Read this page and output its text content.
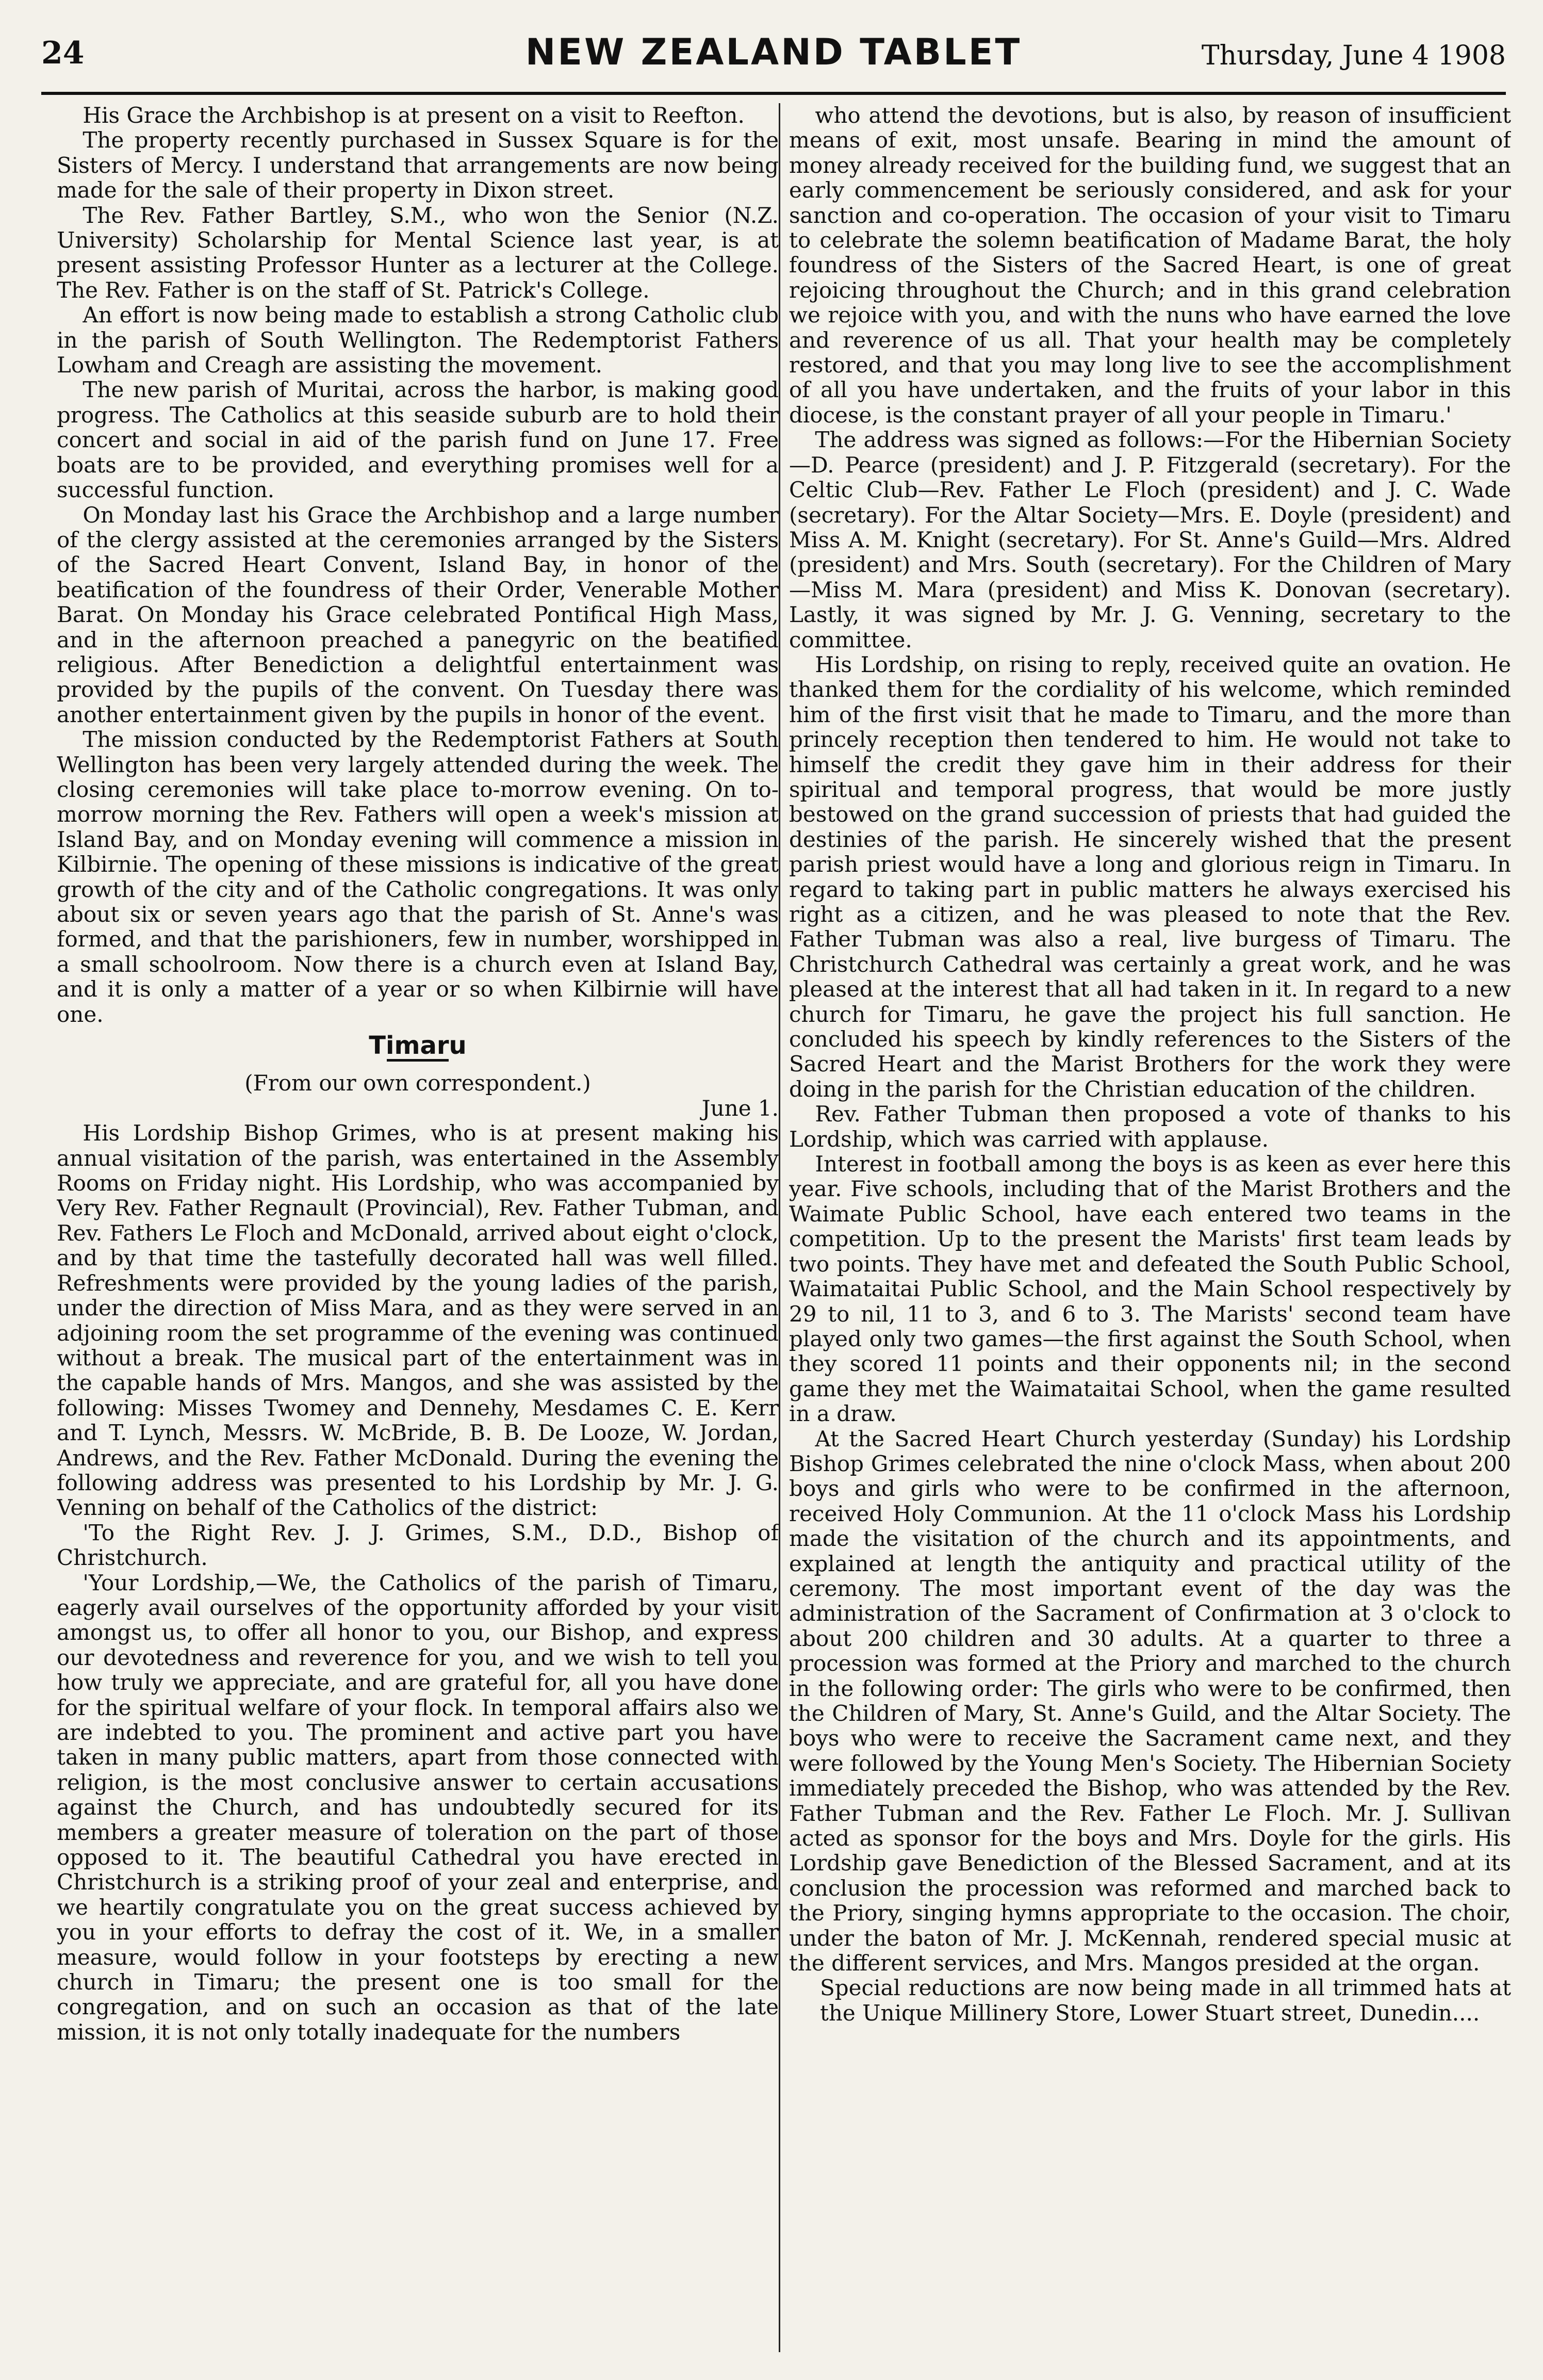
24	NEW ZEALAND TABLET	Thursday, June 4 1908

His Grace the Archbishop is at present on a visit to Reefton.

The property recently purchased in Sussex Square is for the Sisters of Mercy. I understand that arrangements are now being made for the sale of their property in Dixon street.

The Rev. Father Bartley, S.M., who won the Senior (N.Z. University) Scholarship for Mental Science last year, is at present assisting Professor Hunter as a lecturer at the College. The Rev. Father is on the staff of St. Patrick's College.

An effort is now being made to establish a strong Catholic club in the parish of South Wellington. The Redemptorist Fathers Lowham and Creagh are assisting the movement.

The new parish of Muritai, across the harbor, is making good progress. The Catholics at this seaside suburb are to hold their concert and social in aid of the parish fund on June 17. Free boats are to be provided, and everything promises well for a successful function.

On Monday last his Grace the Archbishop and a large number of the clergy assisted at the ceremonies arranged by the Sisters of the Sacred Heart Convent, Island Bay, in honor of the beatification of the foundress of their Order, Venerable Mother Barat. On Monday his Grace celebrated Pontifical High Mass, and in the afternoon preached a panegyric on the beatified religious. After Benediction a delightful entertainment was provided by the pupils of the convent. On Tuesday there was another entertainment given by the pupils in honor of the event.

The mission conducted by the Redemptorist Fathers at South Wellington has been very largely attended during the week. The closing ceremonies will take place to-morrow evening. On to-morrow morning the Rev. Fathers will open a week's mission at Island Bay, and on Monday evening will commence a mission in Kilbirnie. The opening of these missions is indicative of the great growth of the city and of the Catholic congregations. It was only about six or seven years ago that the parish of St. Anne's was formed, and that the parishioners, few in number, worshipped in a small schoolroom. Now there is a church even at Island Bay, and it is only a matter of a year or so when Kilbirnie will have one.

Timaru

(From our own correspondent.)

June 1.

His Lordship Bishop Grimes, who is at present making his annual visitation of the parish, was entertained in the Assembly Rooms on Friday night. His Lordship, who was accompanied by Very Rev. Father Regnault (Provincial), Rev. Father Tubman, and Rev. Fathers Le Floch and McDonald, arrived about eight o'clock, and by that time the tastefully decorated hall was well filled. Refreshments were provided by the young ladies of the parish, under the direction of Miss Mara, and as they were served in an adjoining room the set programme of the evening was continued without a break. The musical part of the entertainment was in the capable hands of Mrs. Mangos, and she was assisted by the following: Misses Twomey and Dennehy, Mesdames C. E. Kerr and T. Lynch, Messrs. W. McBride, B. B. De Looze, W. Jordan, Andrews, and the Rev. Father McDonald. During the evening the following address was presented to his Lordship by Mr. J. G. Venning on behalf of the Catholics of the district:

'To the Right Rev. J. J. Grimes, S.M., D.D., Bishop of Christchurch.

'Your Lordship,—We, the Catholics of the parish of Timaru, eagerly avail ourselves of the opportunity afforded by your visit amongst us, to offer all honor to you, our Bishop, and express our devotedness and reverence for you, and we wish to tell you how truly we appreciate, and are grateful for, all you have done for the spiritual welfare of your flock. In temporal affairs also we are indebted to you. The prominent and active part you have taken in many public matters, apart from those connected with religion, is the most conclusive answer to certain accusations against the Church, and has undoubtedly secured for its members a greater measure of toleration on the part of those opposed to it. The beautiful Cathedral you have erected in Christchurch is a striking proof of your zeal and enterprise, and we heartily congratulate you on the great success achieved by you in your efforts to defray the cost of it. We, in a smaller measure, would follow in your footsteps by erecting a new church in Timaru; the present one is too small for the congregation, and on such an occasion as that of the late mission, it is not only totally inadequate for the numbers

who attend the devotions, but is also, by reason of insufficient means of exit, most unsafe. Bearing in mind the amount of money already received for the building fund, we suggest that an early commencement be seriously considered, and ask for your sanction and co-operation. The occasion of your visit to Timaru to celebrate the solemn beatification of Madame Barat, the holy foundress of the Sisters of the Sacred Heart, is one of great rejoicing throughout the Church; and in this grand celebration we rejoice with you, and with the nuns who have earned the love and reverence of us all. That your health may be completely restored, and that you may long live to see the accomplishment of all you have undertaken, and the fruits of your labor in this diocese, is the constant prayer of all your people in Timaru.'

The address was signed as follows:—For the Hibernian Society—D. Pearce (president) and J. P. Fitzgerald (secretary). For the Celtic Club—Rev. Father Le Floch (president) and J. C. Wade (secretary). For the Altar Society—Mrs. E. Doyle (president) and Miss A. M. Knight (secretary). For St. Anne's Guild—Mrs. Aldred (president) and Mrs. South (secretary). For the Children of Mary—Miss M. Mara (president) and Miss K. Donovan (secretary). Lastly, it was signed by Mr. J. G. Venning, secretary to the committee.

His Lordship, on rising to reply, received quite an ovation. He thanked them for the cordiality of his welcome, which reminded him of the first visit that he made to Timaru, and the more than princely reception then tendered to him. He would not take to himself the credit they gave him in their address for their spiritual and temporal progress, that would be more justly bestowed on the grand succession of priests that had guided the destinies of the parish. He sincerely wished that the present parish priest would have a long and glorious reign in Timaru. In regard to taking part in public matters he always exercised his right as a citizen, and he was pleased to note that the Rev. Father Tubman was also a real, live burgess of Timaru. The Christchurch Cathedral was certainly a great work, and he was pleased at the interest that all had taken in it. In regard to a new church for Timaru, he gave the project his full sanction. He concluded his speech by kindly references to the Sisters of the Sacred Heart and the Marist Brothers for the work they were doing in the parish for the Christian education of the children.

Rev. Father Tubman then proposed a vote of thanks to his Lordship, which was carried with applause.

Interest in football among the boys is as keen as ever here this year. Five schools, including that of the Marist Brothers and the Waimate Public School, have each entered two teams in the competition. Up to the present the Marists' first team leads by two points. They have met and defeated the South Public School, Waimataitai Public School, and the Main School respectively by 29 to nil, 11 to 3, and 6 to 3. The Marists' second team have played only two games—the first against the South School, when they scored 11 points and their opponents nil; in the second game they met the Waimataitai School, when the game resulted in a draw.

At the Sacred Heart Church yesterday (Sunday) his Lordship Bishop Grimes celebrated the nine o'clock Mass, when about 200 boys and girls who were to be confirmed in the afternoon, received Holy Communion. At the 11 o'clock Mass his Lordship made the visitation of the church and its appointments, and explained at length the antiquity and practical utility of the ceremony. The most important event of the day was the administration of the Sacrament of Confirmation at 3 o'clock to about 200 children and 30 adults. At a quarter to three a procession was formed at the Priory and marched to the church in the following order: The girls who were to be confirmed, then the Children of Mary, St. Anne's Guild, and the Altar Society. The boys who were to receive the Sacrament came next, and they were followed by the Young Men's Society. The Hibernian Society immediately preceded the Bishop, who was attended by the Rev. Father Tubman and the Rev. Father Le Floch. Mr. J. Sullivan acted as sponsor for the boys and Mrs. Doyle for the girls. His Lordship gave Benediction of the Blessed Sacrament, and at its conclusion the procession was reformed and marched back to the Priory, singing hymns appropriate to the occasion. The choir, under the baton of Mr. J. McKennah, rendered special music at the different services, and Mrs. Mangos presided at the organ.

Special reductions are now being made in all trimmed hats at the Unique Millinery Store, Lower Stuart street, Dunedin....
